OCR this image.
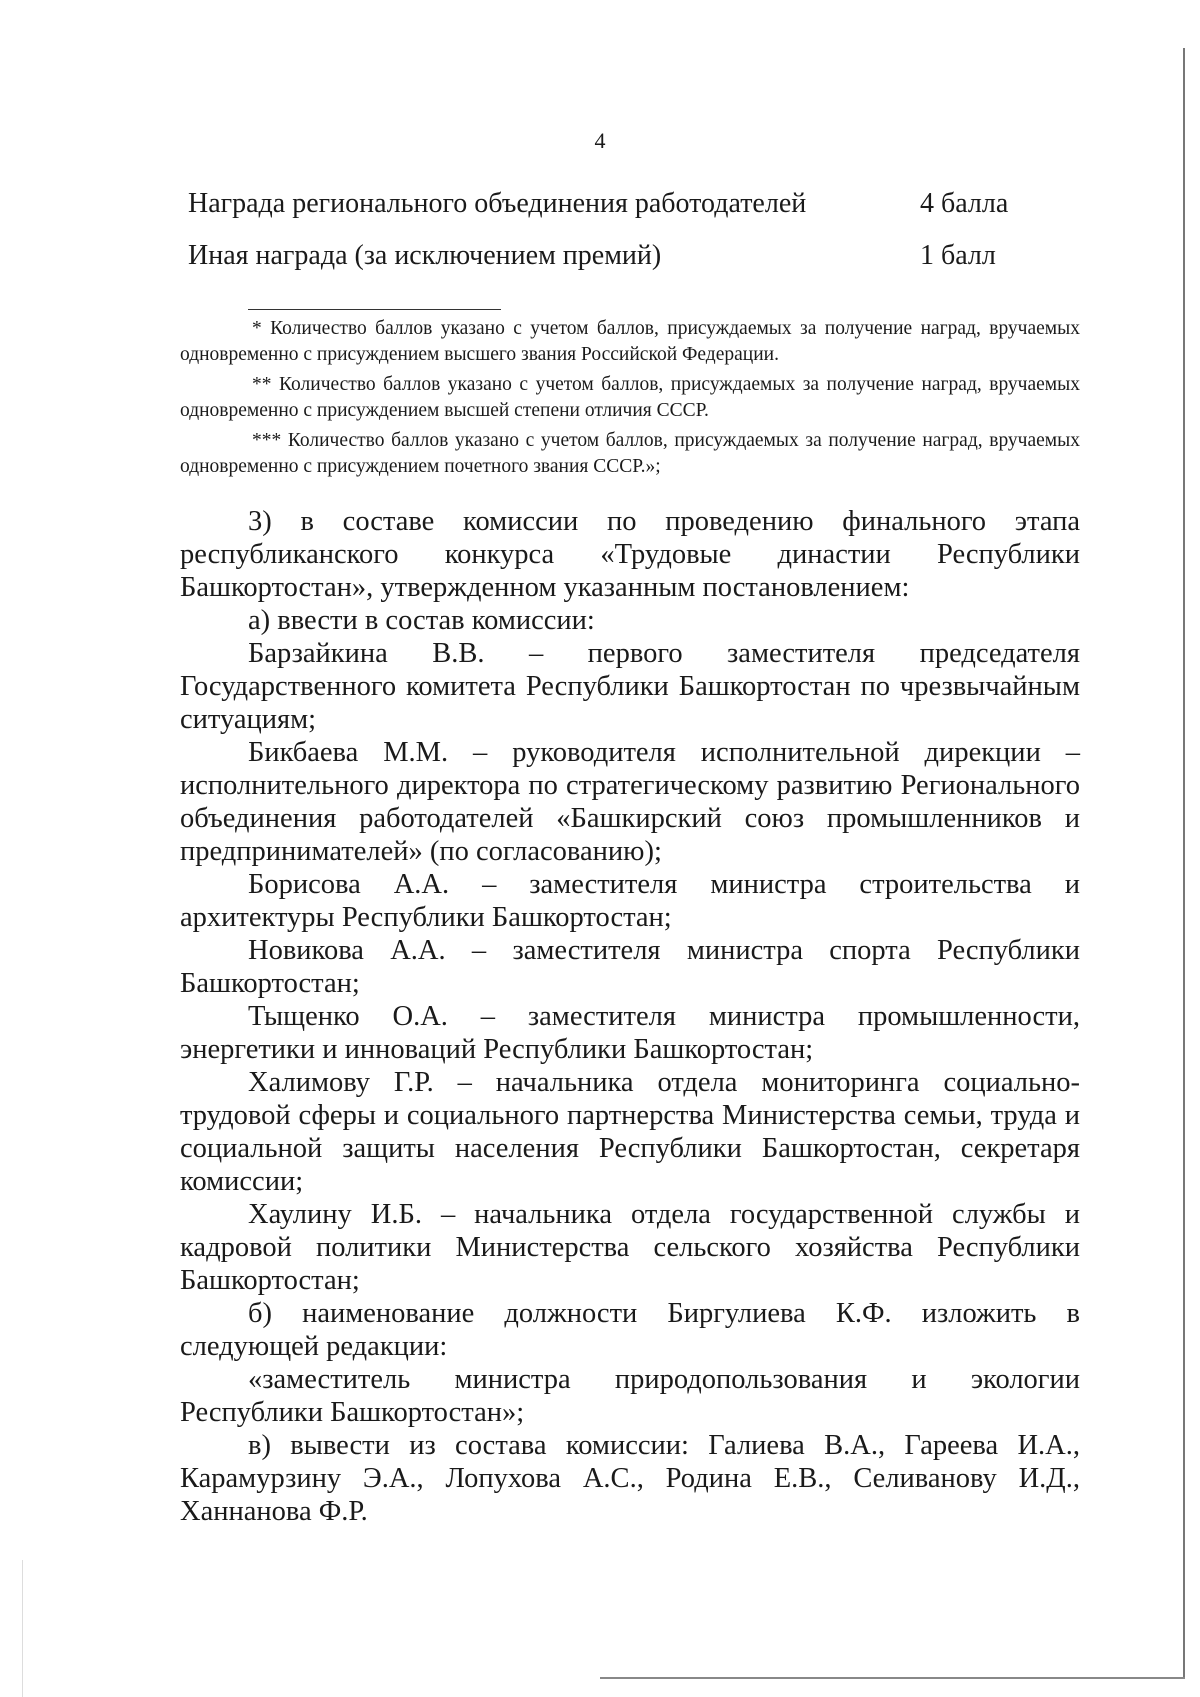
4
Награда регионального объединения работодателей	4 балла
Иная награда (за исключением премий)	1 балл

* Количество баллов указано с учетом баллов, присуждаемых за получение наград, вручаемых одновременно с присуждением высшего звания Российской Федерации.

** Количество баллов указано с учетом баллов, присуждаемых за получение наград, вручаемых одновременно с присуждением высшей степени отличия СССР.

*** Количество баллов указано с учетом баллов, присуждаемых за получение наград, вручаемых одновременно с присуждением почетного звания СССР.»;

3) в составе комиссии по проведению финального этапа республиканского конкурса «Трудовые династии Республики Башкортостан», утвержденном указанным постановлением:

а) ввести в состав комиссии:

Барзайкина В.В. – первого заместителя председателя Государственного комитета Республики Башкортостан по чрезвычайным ситуациям;

Бикбаева М.М. – руководителя исполнительной дирекции – исполнительного директора по стратегическому развитию Регионального объединения работодателей «Башкирский союз промышленников и предпринимателей» (по согласованию);

Борисова А.А. – заместителя министра строительства и архитектуры Республики Башкортостан;

Новикова А.А. – заместителя министра спорта Республики Башкортостан;

Тыщенко О.А. – заместителя министра промышленности, энергетики и инноваций Республики Башкортостан;

Халимову Г.Р. – начальника отдела мониторинга социально-трудовой сферы и социального партнерства Министерства семьи, труда и социальной защиты населения Республики Башкортостан, секретаря комиссии;

Хаулину И.Б. – начальника отдела государственной службы и кадровой политики Министерства сельского хозяйства Республики Башкортостан;

б) наименование должности Биргулиева К.Ф. изложить в следующей редакции:

«заместитель министра природопользования и экологии Республики Башкортостан»;

в) вывести из состава комиссии: Галиева В.А., Гареева И.А., Карамурзину Э.А., Лопухова А.С., Родина Е.В., Селиванову И.Д., Ханнанова Ф.Р.
